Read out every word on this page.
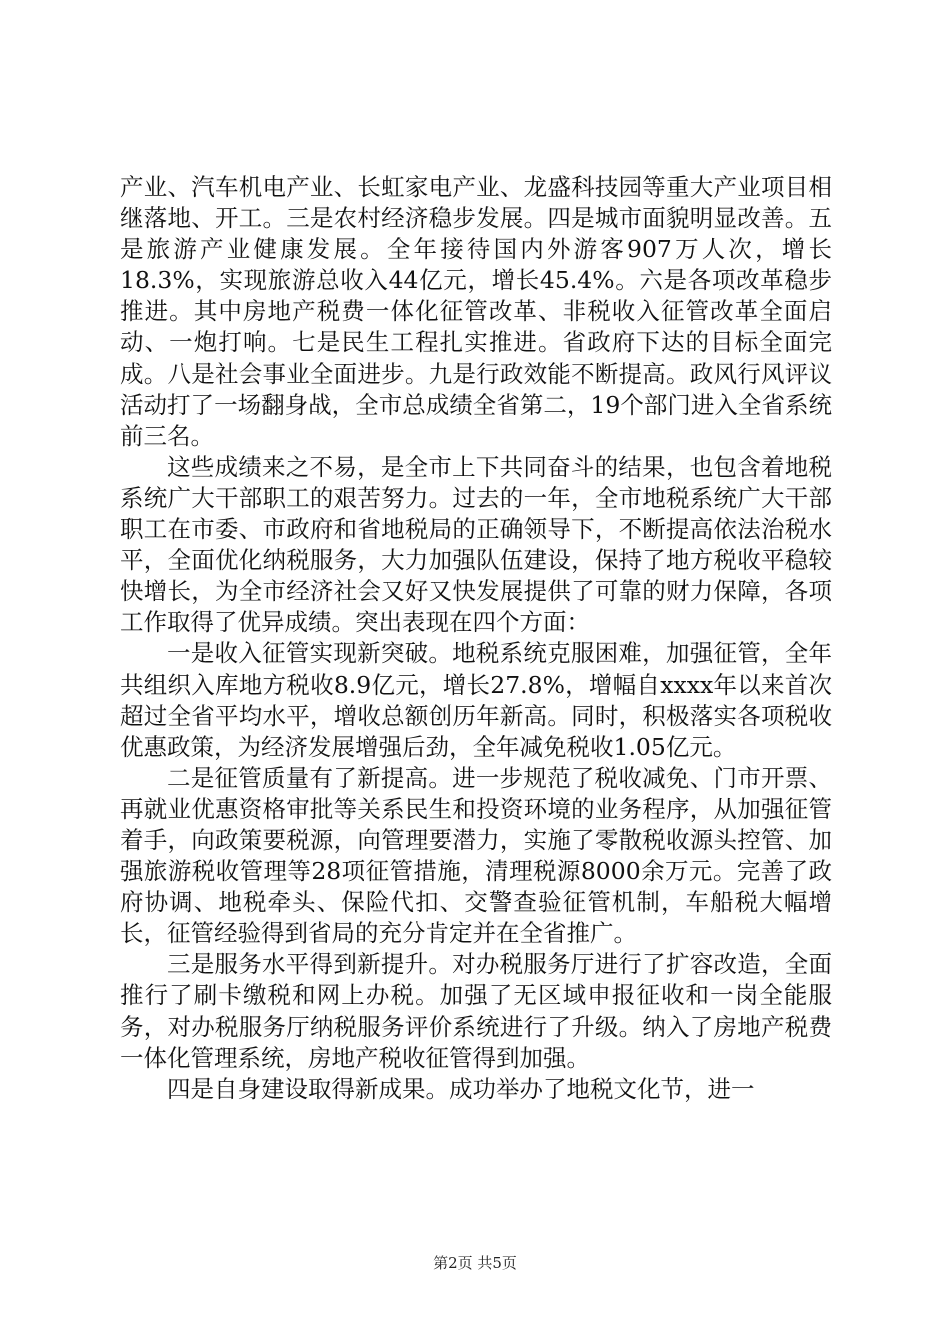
产业、汽车机电产业、长虹家电产业、龙盛科技园等重大产业项目相继落地、开工。三是农村经济稳步发展。四是城市面貌明显改善。五是旅游产业健康发展。全年接待国内外游客907万人次，增长18.3%，实现旅游总收入44亿元，增长45.4%。六是各项改革稳步推进。其中房地产税费一体化征管改革、非税收入征管改革全面启动、一炮打响。七是民生工程扎实推进。省政府下达的目标全面完成。八是社会事业全面进步。九是行政效能不断提高。政风行风评议活动打了一场翻身战，全市总成绩全省第二，19个部门进入全省系统前三名。

这些成绩来之不易，是全市上下共同奋斗的结果，也包含着地税系统广大干部职工的艰苦努力。过去的一年，全市地税系统广大干部职工在市委、市政府和省地税局的正确领导下，不断提高依法治税水平，全面优化纳税服务，大力加强队伍建设，保持了地方税收平稳较快增长，为全市经济社会又好又快发展提供了可靠的财力保障，各项工作取得了优异成绩。突出表现在四个方面：

一是收入征管实现新突破。地税系统克服困难，加强征管，全年共组织入库地方税收8.9亿元，增长27.8%，增幅自xxxx年以来首次超过全省平均水平，增收总额创历年新高。同时，积极落实各项税收优惠政策，为经济发展增强后劲，全年减免税收1.05亿元。

二是征管质量有了新提高。进一步规范了税收减免、门市开票、再就业优惠资格审批等关系民生和投资环境的业务程序，从加强征管着手，向政策要税源，向管理要潜力，实施了零散税收源头控管、加强旅游税收管理等28项征管措施，清理税源8000余万元。完善了政府协调、地税牵头、保险代扣、交警查验征管机制，车船税大幅增长，征管经验得到省局的充分肯定并在全省推广。

三是服务水平得到新提升。对办税服务厅进行了扩容改造，全面推行了刷卡缴税和网上办税。加强了无区域申报征收和一岗全能服务，对办税服务厅纳税服务评价系统进行了升级。纳入了房地产税费一体化管理系统，房地产税收征管得到加强。

四是自身建设取得新成果。成功举办了地税文化节，进一

第2页 共5页
